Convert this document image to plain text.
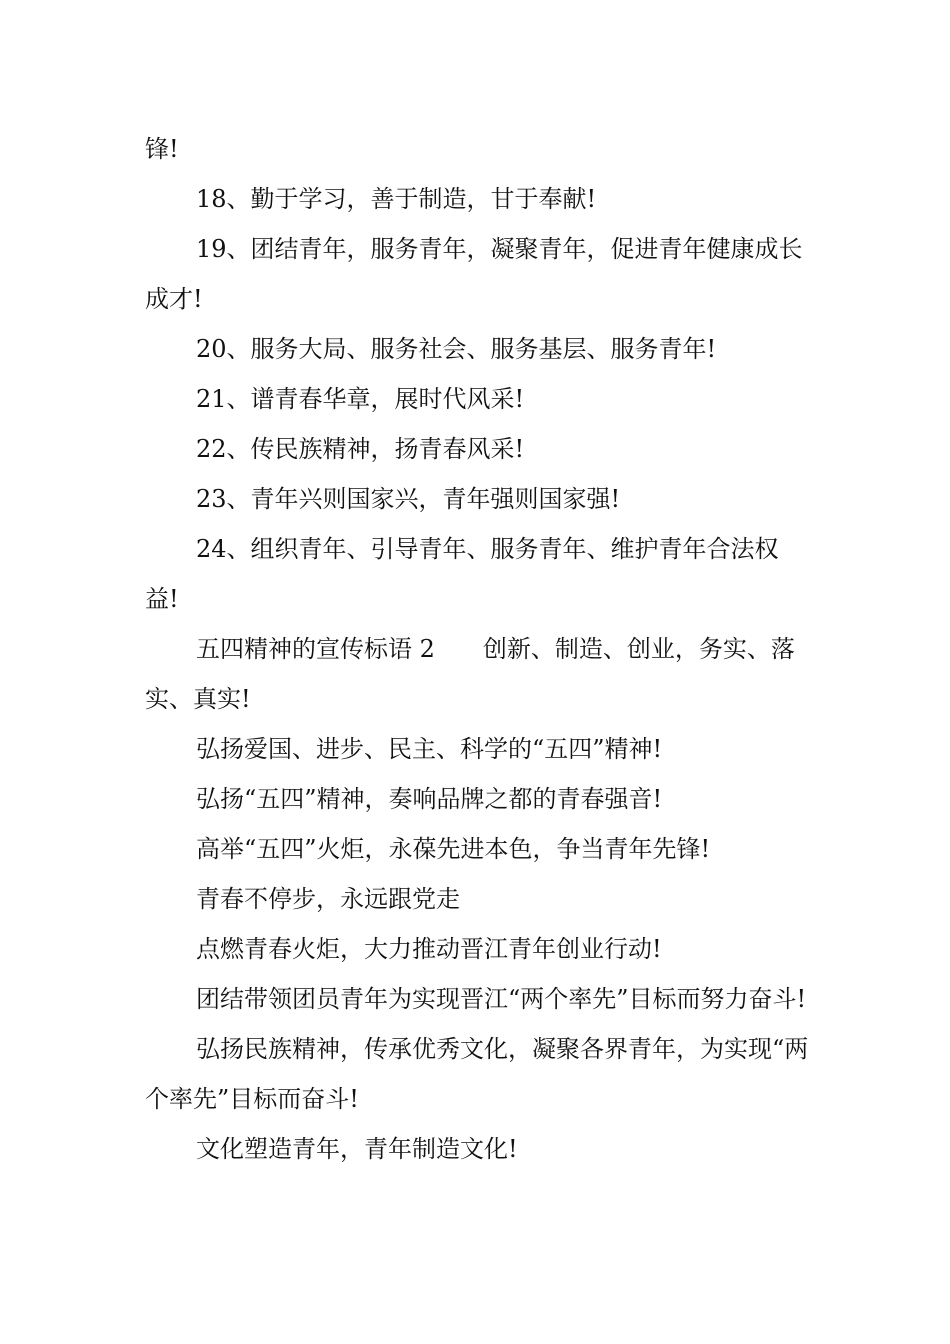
锋!

18、勤于学习，善于制造，甘于奉献!

19、团结青年，服务青年，凝聚青年，促进青年健康成长成才!

20、服务大局、服务社会、服务基层、服务青年!

21、谱青春华章，展时代风采!

22、传民族精神，扬青春风采!

23、青年兴则国家兴，青年强则国家强!

24、组织青年、引导青年、服务青年、维护青年合法权益!

五四精神的宣传标语 2　　创新、制造、创业，务实、落实、真实!

弘扬爱国、进步、民主、科学的“五四”精神!

弘扬“五四”精神，奏响品牌之都的青春强音!

高举“五四”火炬，永葆先进本色，争当青年先锋!

青春不停步，永远跟党走

点燃青春火炬，大力推动晋江青年创业行动!

团结带领团员青年为实现晋江“两个率先”目标而努力奋斗!

弘扬民族精神，传承优秀文化，凝聚各界青年，为实现“两个率先”目标而奋斗!

文化塑造青年，青年制造文化!
